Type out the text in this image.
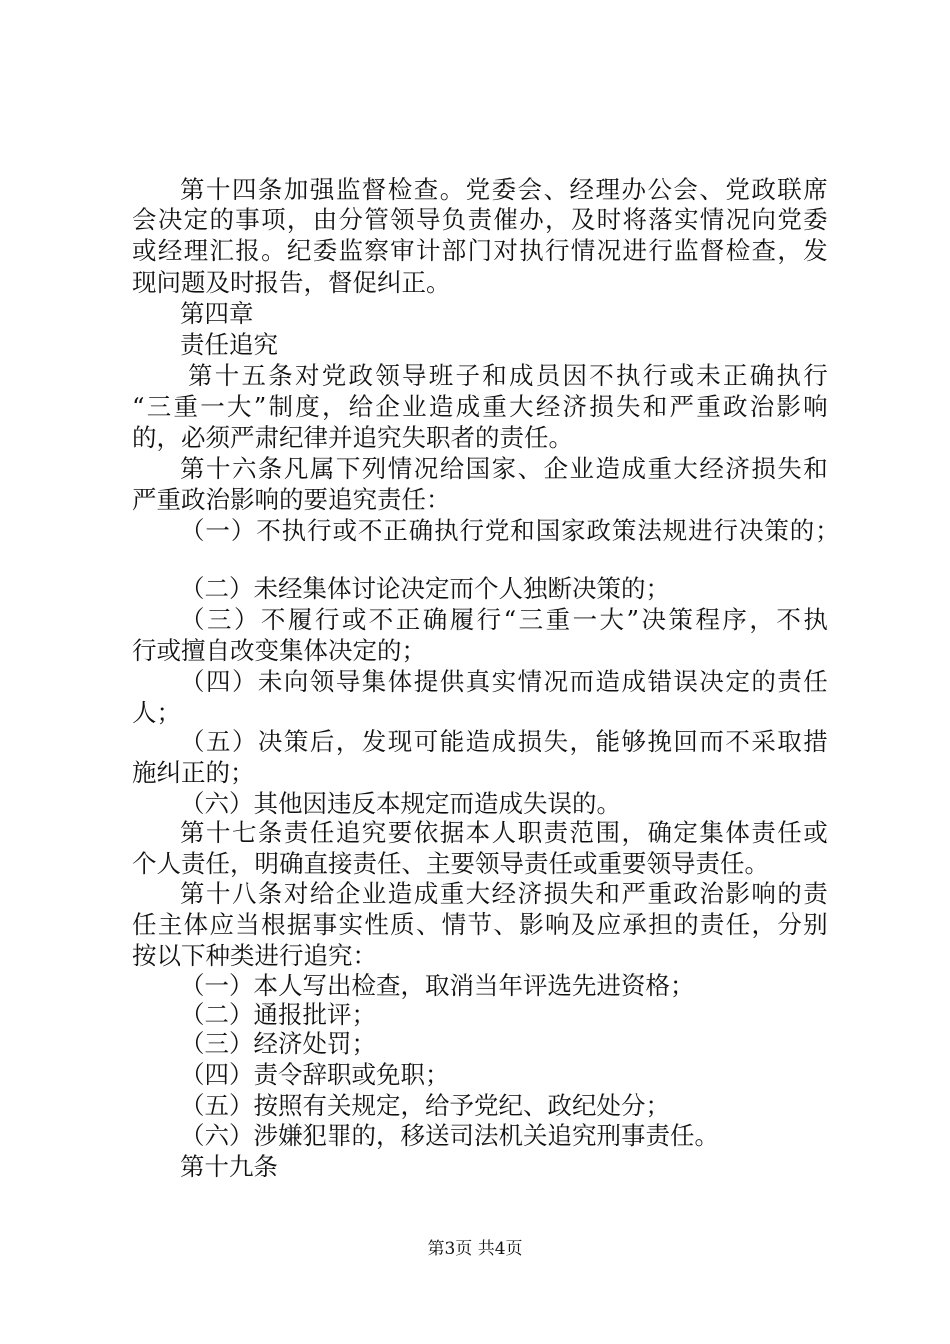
第 十 四 条 加 强 监 督 检 查 。 党 委 会 、 经 理 办 公 会 、 党 政 联 席
会 决 定 的 事 项 ， 由 分 管 领 导 负 责 催 办 ， 及 时 将 落 实 情 况 向 党 委
或 经 理 汇 报 。 纪 委 监 察 审 计 部 门 对 执 行 情 况 进 行 监 督 检 查 ， 发
现问题及时报告，督促纠正。
第四章
责任追究
第 十 五 条 对 党 政 领 导 班 子 和 成 员 因 不 执 行 或 未 正 确 执 行
“ 三 重 一 大 ” 制 度 ， 给 企 业 造 成 重 大 经 济 损 失 和 严 重 政 治 影 响
的，必须严肃纪律并追究失职者的责任。
第 十 六 条 凡 属 下 列 情 况 给 国 家 、 企 业 造 成 重 大 经 济 损 失 和
严重政治影响的要追究责任：
（ 一 ） 不 执 行 或 不 正 确 执 行 党 和 国 家 政 策 法 规 进 行 决 策 的 ；
（二）未经集体讨论决定而个人独断决策的；
（ 三 ） 不 履 行 或 不 正 确 履 行 “ 三 重 一 大 ” 决 策 程 序 ， 不 执
行或擅自改变集体决定的；
（ 四 ） 未 向 领 导 集 体 提 供 真 实 情 况 而 造 成 错 误 决 定 的 责 任
人；
（ 五 ） 决 策 后 ， 发 现 可 能 造 成 损 失 ， 能 够 挽 回 而 不 采 取 措
施纠正的；
（六）其他因违反本规定而造成失误的。
第 十 七 条 责 任 追 究 要 依 据 本 人 职 责 范 围 ， 确 定 集 体 责 任 或
个人责任，明确直接责任、主要领导责任或重要领导责任。
第 十 八 条 对 给 企 业 造 成 重 大 经 济 损 失 和 严 重 政 治 影 响 的 责
任 主 体 应 当 根 据 事 实 性 质 、 情 节 、 影 响 及 应 承 担 的 责 任 ， 分 别
按以下种类进行追究：
（一）本人写出检查，取消当年评选先进资格；
（二）通报批评；
（三）经济处罚；
（四）责令辞职或免职；
（五）按照有关规定，给予党纪、政纪处分；
（六）涉嫌犯罪的，移送司法机关追究刑事责任。
第十九条
第3页 共4页
